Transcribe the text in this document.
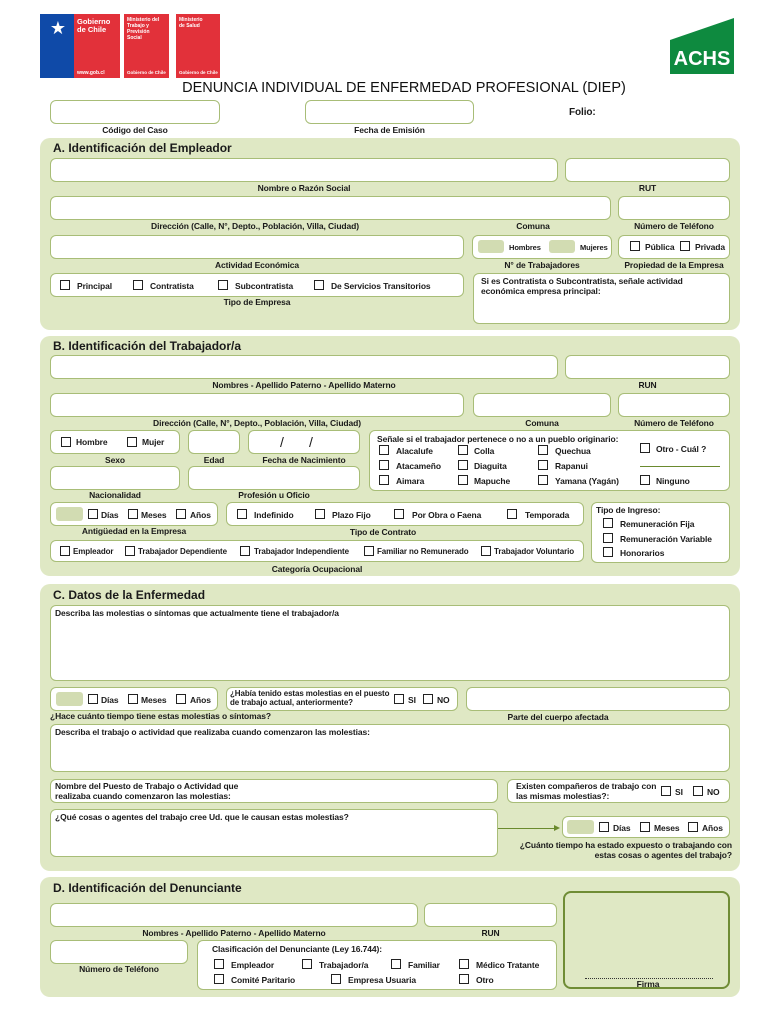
★ Gobierno
de Chile
www.gob.cl
Ministerio del Trabajo y Previsión Social
Gobierno de Chile
Ministerio de Salud
Gobierno de Chile
ACHS
DENUNCIA INDIVIDUAL DE ENFERMEDAD PROFESIONAL (DIEP)
Código del Caso	Fecha de Emisión
Folio:
A. Identificación del Empleador
Nombre o Razón Social	RUT
Dirección (Calle, N°, Depto., Población, Villa, Ciudad)	Comuna	Número de Teléfono
Actividad Económica
Hombres	Mujeres
N° de Trabajadores
Pública Privada
Propiedad de la Empresa
Principal	Contratista	Subcontratista	De Servicios Transitorios
Tipo de Empresa
Si es Contratista o Subcontratista, señale actividad económica empresa principal:
B. Identificación del Trabajador/a
Nombres - Apellido Paterno - Apellido Materno	RUN
Dirección (Calle, N°, Depto., Población, Villa, Ciudad)	Comuna	Número de Teléfono
Hombre	Mujer
Sexo	Edad
/ /
Fecha de Nacimiento
Señale si el trabajador pertenece o no a un pueblo originario:
Alacalufe	Colla	Quechua	Otro - Cuál ?
Atacameño	Diaguita	Rapanui
Aimara	Mapuche	Yamana (Yagán)	Ninguno
Nacionalidad	Profesión u Oficio
Días	Meses	Años
Antigüedad en la Empresa
Indefinido	Plazo Fijo	Por Obra o Faena	Temporada
Tipo de Contrato
Tipo de Ingreso:
Remuneración Fija
Remuneración Variable
Honorarios
Empleador	Trabajador Dependiente	Trabajador Independiente	Familiar no Remunerado	Trabajador Voluntario
Categoría Ocupacional
C. Datos de la Enfermedad
Describa las molestias o síntomas que actualmente tiene el trabajador/a
Días	Meses	Años
¿Hace cuánto tiempo tiene estas molestias o síntomas?
¿Había tenido estas molestias en el puesto de trabajo actual, anteriormente?	SI NO
Parte del cuerpo afectada
Describa el trabajo o actividad que realizaba cuando comenzaron las molestias:
Nombre del Puesto de Trabajo o Actividad que realizaba cuando comenzaron las molestias:
Existen compañeros de trabajo con las mismas molestias?:	SI	NO
¿Qué cosas o agentes del trabajo cree Ud. que le causan estas molestias?
Días	Meses	Años
¿Cuánto tiempo ha estado expuesto o trabajando con estas cosas o agentes del trabajo?
D. Identificación del Denunciante
Nombres - Apellido Paterno - Apellido Materno	RUN
Número de Teléfono
Clasificación del Denunciante (Ley 16.744):
Empleador	Trabajador/a	Familiar	Médico Tratante
Comité Paritario	Empresa Usuaria	Otro	Firma
